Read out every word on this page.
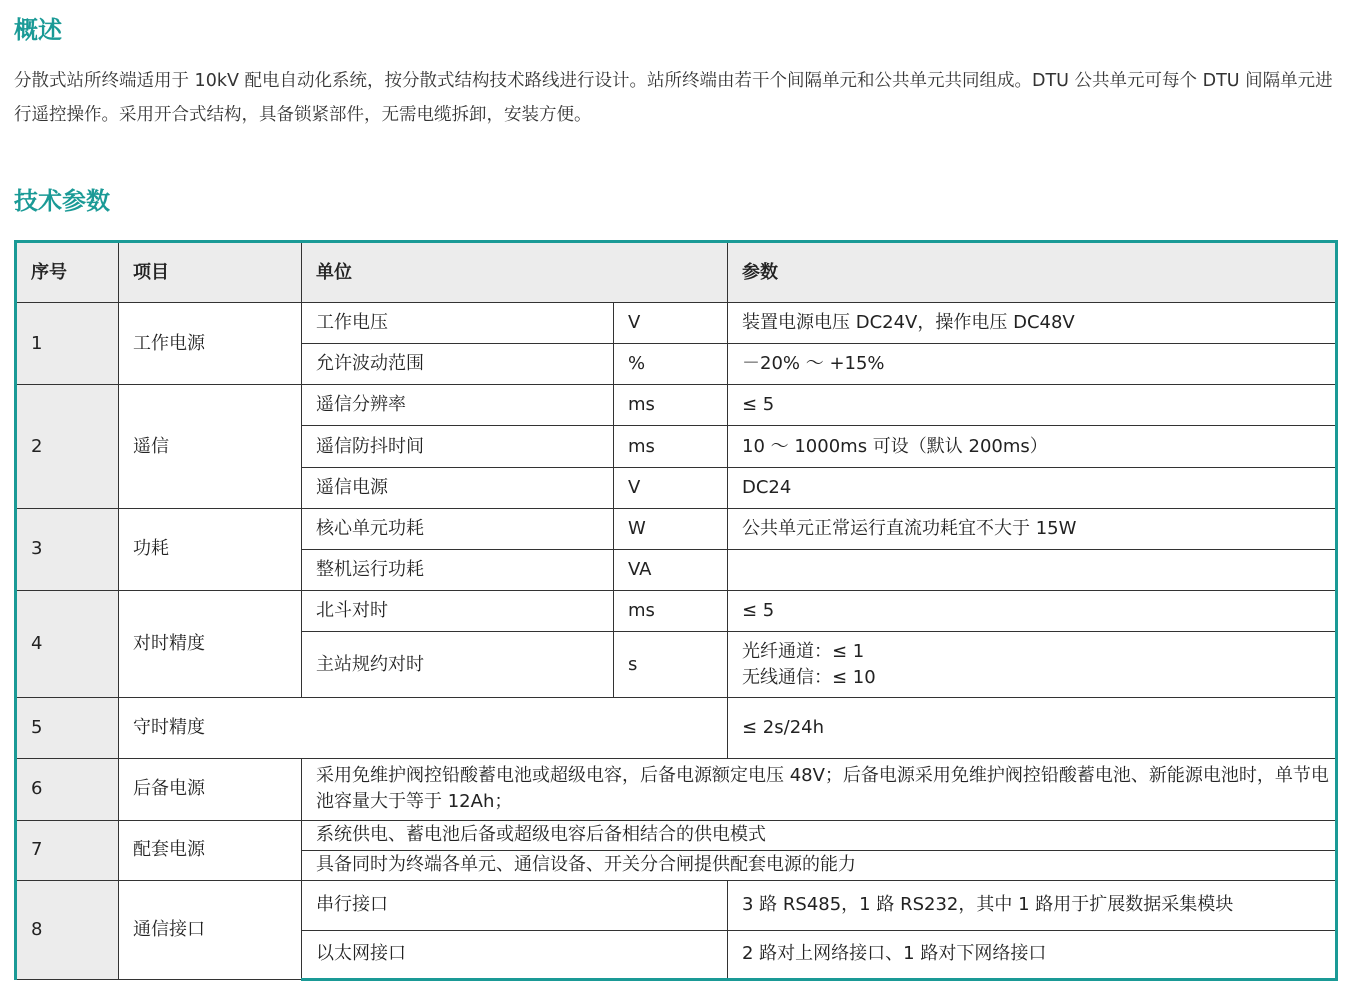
概述

分散式站所终端适用于 10kV 配电自动化系统，按分散式结构技术路线进行设计。站所终端由若干个间隔单元和公共单元共同组成。DTU 公共单元可每个 DTU 间隔单元进行遥控操作。采用开合式结构，具备锁紧部件，无需电缆拆卸，安装方便。

技术参数
序号	项目	单位		参数
1	工作电源	工作电压	V	装置电源电压 DC24V，操作电压 DC48V
		允许波动范围	%	－20% ～ +15%
2	遥信	遥信分辨率	ms	≤ 5
		遥信防抖时间	ms	10 ～ 1000ms 可设（默认 200ms）
		遥信电源	V	DC24
3	功耗	核心单元功耗	W	公共单元正常运行直流功耗宜不大于 15W
		整机运行功耗	VA	
4	对时精度	北斗对时	ms	≤ 5
		主站规约对时	s	光纤通道：≤ 1
无线通信：≤ 10

5	守时精度			≤ 2s/24h
6	后备电源	采用免维护阀控铅酸蓄电池或超级电容，后备电源额定电压 48V；后备电源采用免维护阀控铅酸蓄电池、新能源电池时，单节电池容量大于等于 12Ah；		
7	配套电源	系统供电、蓄电池后备或超级电容后备相结合的供电模式		
		具备同时为终端各单元、通信设备、开关分合闸提供配套电源的能力		
8	通信接口	串行接口		3 路 RS485，1 路 RS232，其中 1 路用于扩展数据采集模块
		以太网接口		2 路对上网络接口、1 路对下网络接口
